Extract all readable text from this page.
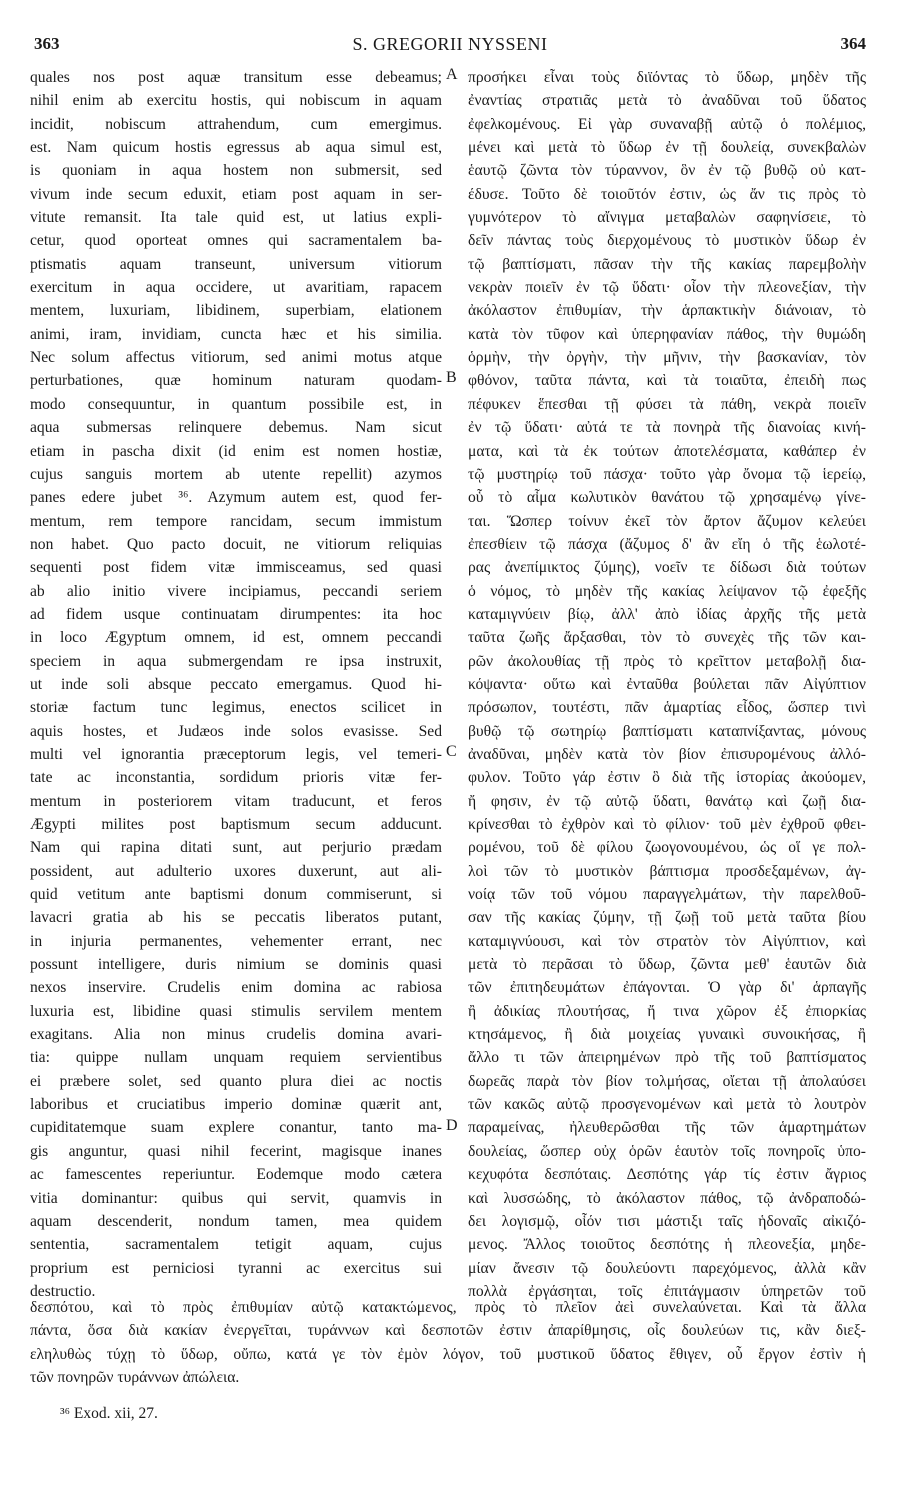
363	S. GREGORII NYSSENI	364
quales nos post aquæ transitum esse debeamus;
nihil enim ab exercitu hostis, qui nobiscum in aquam
incidit, nobiscum attrahendum, cum emergimus.
est. Nam quicum hostis egressus ab aqua simul est,
is quoniam in aqua hostem non submersit, sed
vivum inde secum eduxit, etiam post aquam in ser-
vitute remansit. Ita tale quid est, ut latius expli-
cetur, quod oporteat omnes qui sacramentalem ba-
ptismatis aquam transeunt, universum vitiorum
exercitum in aqua occidere, ut avaritiam, rapacem
mentem, luxuriam, libidinem, superbiam, elationem
animi, iram, invidiam, cuncta hæc et his similia.
Nec solum affectus vitiorum, sed animi motus atque
perturbationes, quæ hominum naturam quodam-
modo consequuntur, in quantum possibile est, in
aqua submersas relinquere debemus. Nam sicut
etiam in pascha dixit (id enim est nomen hostiæ,
cujus sanguis mortem ab utente repellit) azymos
panes edere jubet ³⁶. Azymum autem est, quod fer-
mentum, rem tempore rancidam, secum immistum
non habet. Quo pacto docuit, ne vitiorum reliquias
sequenti post fidem vitæ immisceamus, sed quasi
ab alio initio vivere incipiamus, peccandi seriem
ad fidem usque continuatam dirumpentes: ita hoc
in loco Ægyptum omnem, id est, omnem peccandi
speciem in aqua submergendam re ipsa instruxit,
ut inde soli absque peccato emergamus. Quod hi-
storiæ factum tunc legimus, enectos scilicet in
aquis hostes, et Judæos inde solos evasisse. Sed
multi vel ignorantia præceptorum legis, vel temeri-
tate ac inconstantia, sordidum prioris vitæ fer-
mentum in posteriorem vitam traducunt, et feros
Ægypti milites post baptismum secum adducunt.
Nam qui rapina ditati sunt, aut perjurio prædam
possident, aut adulterio uxores duxerunt, aut ali-
quid vetitum ante baptismi donum commiserunt, si
lavacri gratia ab his se peccatis liberatos putant,
in injuria permanentes, vehementer errant, nec
possunt intelligere, duris nimium se dominis quasi
nexos inservire. Crudelis enim domina ac rabiosa
luxuria est, libidine quasi stimulis servilem mentem
exagitans. Alia non minus crudelis domina avari-
tia: quippe nullam unquam requiem servientibus
ei præbere solet, sed quanto plura diei ac noctis
laboribus et cruciatibus imperio dominæ quærit ant,
cupiditatemque suam explere conantur, tanto ma-
gis anguntur, quasi nihil fecerint, magisque inanes
ac famescentes reperiuntur. Eodemque modo cætera
vitia dominantur: quibus qui servit, quamvis in
aquam descenderit, nondum tamen, mea quidem
sententia, sacramentalem tetigit aquam, cujus
proprium est perniciosi tyranni ac exercitus sui
destructio.
προσήκει εἶναι τοὺς διϊόντας τὸ ὕδωρ, μηδὲν τῆς
ἐναντίας στρατιᾶς μετὰ τὸ ἀναδῦναι τοῦ ὕδατος
ἐφελκομένους. Εἰ γὰρ συναναβῇ αὐτῷ ὁ πολέμιος,
μένει καὶ μετὰ τὸ ὕδωρ ἐν τῇ δουλείᾳ, συνεκβαλὼν
ἑαυτῷ ζῶντα τὸν τύραννον, ὃν ἐν τῷ βυθῷ οὐ κατ-
έδυσε. Τοῦτο δὲ τοιοῦτόν ἐστιν, ὡς ἄν τις πρὸς τὸ
γυμνότερον τὸ αἴνιγμα μεταβαλὼν σαφηνίσειε, τὸ
δεῖν πάντας τοὺς διερχομένους τὸ μυστικὸν ὕδωρ ἐν
τῷ βαπτίσματι, πᾶσαν τὴν τῆς κακίας παρεμβολὴν
νεκρὰν ποιεῖν ἐν τῷ ὕδατι· οἷον τὴν πλεονεξίαν, τὴν
ἀκόλαστον ἐπιθυμίαν, τὴν ἁρπακτικὴν διάνοιαν, τὸ
κατὰ τὸν τῦφον καὶ ὑπερηφανίαν πάθος, τὴν θυμώδη
ὁρμὴν, τὴν ὀργὴν, τὴν μῆνιν, τὴν βασκανίαν, τὸν
φθόνον, ταῦτα πάντα, καὶ τὰ τοιαῦτα, ἐπειδὴ πως
πέφυκεν ἕπεσθαι τῇ φύσει τὰ πάθη, νεκρὰ ποιεῖν
ἐν τῷ ὕδατι· αὐτά τε τὰ πονηρὰ τῆς διανοίας κινή-
ματα, καὶ τὰ ἐκ τούτων ἀποτελέσματα, καθάπερ ἐν
τῷ μυστηρίῳ τοῦ πάσχα· τοῦτο γὰρ ὄνομα τῷ ἱερείῳ,
οὗ τὸ αἷμα κωλυτικὸν θανάτου τῷ χρησαμένῳ γίνε-
ται. Ὥσπερ τοίνυν ἐκεῖ τὸν ἄρτον ἄζυμον κελεύει
ἐπεσθίειν τῷ πάσχα (ἄζυμος δ' ἂν εἴη ὁ τῆς ἑωλοτέ-
ρας ἀνεπίμικτος ζύμης), νοεῖν τε δίδωσι διὰ τούτων
ὁ νόμος, τὸ μηδὲν τῆς κακίας λείψανον τῷ ἐφεξῆς
καταμιγνύειν βίῳ, ἀλλ' ἀπὸ ἰδίας ἀρχῆς τῆς μετὰ
ταῦτα ζωῆς ἄρξασθαι, τὸν τὸ συνεχὲς τῆς τῶν και-
ρῶν ἀκολουθίας τῇ πρὸς τὸ κρεῖττον μεταβολῇ δια-
κόψαντα· οὕτω καὶ ἐνταῦθα βούλεται πᾶν Αἰγύπτιον
πρόσωπον, τουτέστι, πᾶν ἁμαρτίας εἶδος, ὥσπερ τινὶ
βυθῷ τῷ σωτηρίῳ βαπτίσματι καταπνίξαντας, μόνους
ἀναδῦναι, μηδὲν κατὰ τὸν βίον ἐπισυρομένους ἀλλό-
φυλον. Τοῦτο γάρ ἐστιν ὃ διὰ τῆς ἱστορίας ἀκούομεν,
ἤ φησιν, ἐν τῷ αὐτῷ ὕδατι, θανάτῳ καὶ ζωῇ δια-
κρίνεσθαι τὸ ἐχθρὸν καὶ τὸ φίλιον· τοῦ μὲν ἐχθροῦ φθει-
ρομένου, τοῦ δὲ φίλου ζωογονουμένου, ὡς οἵ γε πολ-
λοὶ τῶν τὸ μυστικὸν βάπτισμα προσδεξαμένων, ἀγ-
νοίᾳ τῶν τοῦ νόμου παραγγελμάτων, τὴν παρελθοῦ-
σαν τῆς κακίας ζύμην, τῇ ζωῇ τοῦ μετὰ ταῦτα βίου
καταμιγνύουσι, καὶ τὸν στρατὸν τὸν Αἰγύπτιον, καὶ
μετὰ τὸ περᾶσαι τὸ ὕδωρ, ζῶντα μεθ' ἑαυτῶν διὰ
τῶν ἐπιτηδευμάτων ἐπάγονται. Ὁ γὰρ δι' ἁρπαγῆς
ἢ ἀδικίας πλουτήσας, ἤ τινα χῶρον ἐξ ἐπιορκίας
κτησάμενος, ἢ διὰ μοιχείας γυναικὶ συνοικήσας, ἢ
ἄλλο τι τῶν ἀπειρημένων πρὸ τῆς τοῦ βαπτίσματος
δωρεᾶς παρὰ τὸν βίον τολμήσας, οἴεται τῇ ἀπολαύσει
τῶν κακῶς αὐτῷ προσγενομένων καὶ μετὰ τὸ λουτρὸν
παραμείνας, ἠλευθερῶσθαι τῆς τῶν ἁμαρτημάτων
δουλείας, ὥσπερ οὐχ ὁρῶν ἑαυτὸν τοῖς πονηροῖς ὑπο-
κεχυφότα δεσπόταις. Δεσπότης γάρ τίς ἐστιν ἄγριος
καὶ λυσσώδης, τὸ ἀκόλαστον πάθος, τῷ ἀνδραποδώ-
δει λογισμῷ, οἷόν τισι μάστιξι ταῖς ἡδοναῖς αἰκιζό-
μενος. Ἄλλος τοιοῦτος δεσπότης ἡ πλεονεξία, μηδε-
μίαν ἄνεσιν τῷ δουλεύοντι παρεχόμενος, ἀλλὰ κἂν
πολλὰ ἐργάσηται, τοῖς ἐπιτάγμασιν ὑπηρετῶν τοῦ
A
B
C
D
δεσπότου, καὶ τὸ πρὸς ἐπιθυμίαν αὐτῷ κατακτώμενος, πρὸς τὸ πλεῖον ἀεὶ συνελαύνεται. Καὶ τὰ ἄλλα
πάντα, ὅσα διὰ κακίαν ἐνεργεῖται, τυράννων καὶ δεσποτῶν ἐστιν ἀπαρίθμησις, οἷς δουλεύων τις, κἂν διεξ-
εληλυθὼς τύχῃ τὸ ὕδωρ, οὔπω, κατά γε τὸν ἐμὸν λόγον, τοῦ μυστικοῦ ὕδατος ἔθιγεν, οὗ ἔργον ἐστὶν ἡ
τῶν πονηρῶν τυράννων ἀπώλεια.
³⁶ Exod. xii, 27.
